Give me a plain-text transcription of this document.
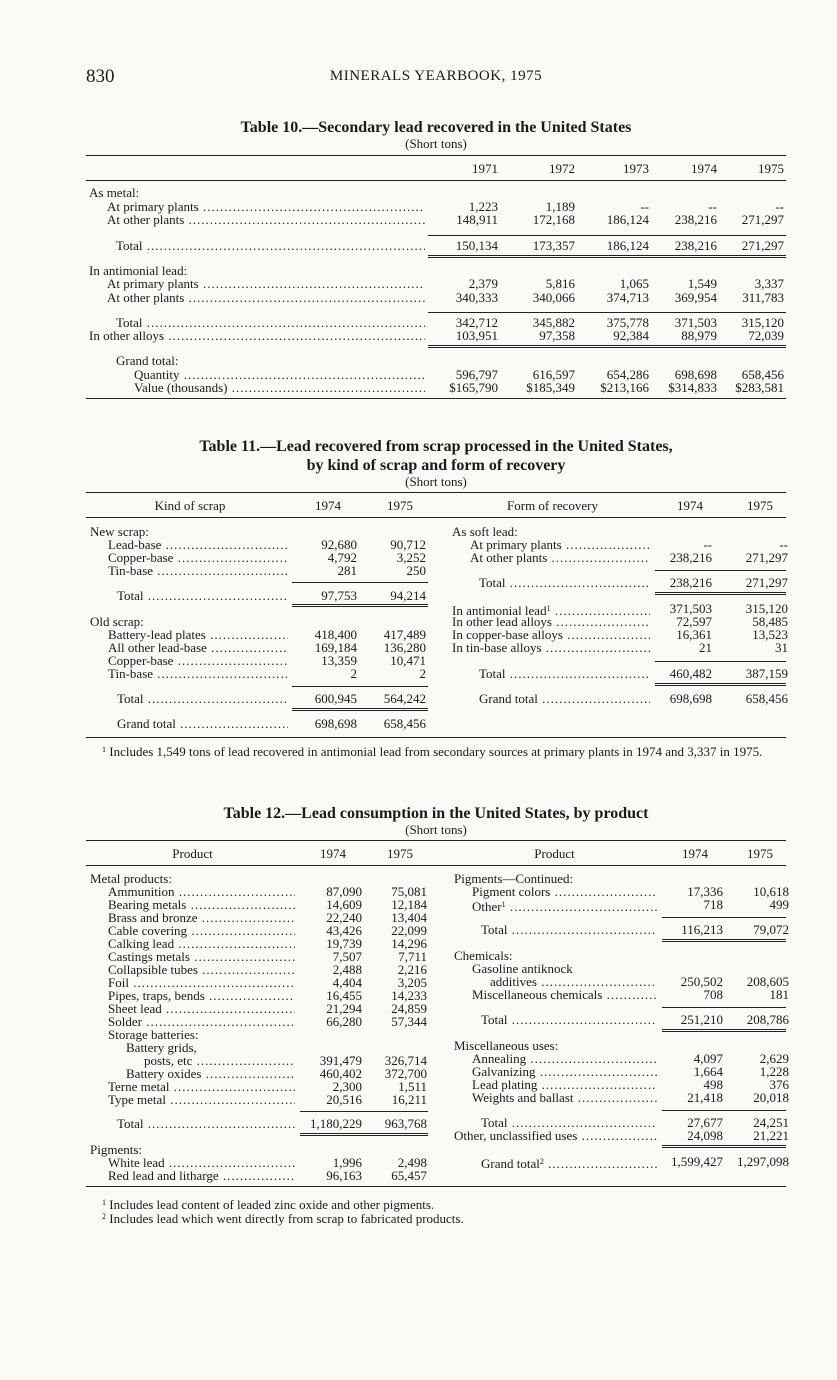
830	MINERALS YEARBOOK, 1975
Table 10.—Secondary lead recovered in the United States
(Short tons)
1971	1972	1973	1974	1975
As metal:
At primary plants .....	1,223	1,189	--	--	--
At other plants .....	148,911	172,168	186,124	238,216	271,297
Total .....	150,134	173,357	186,124	238,216	271,297
In antimonial lead:
At primary plants .....	2,379	5,816	1,065	1,549	3,337
At other plants .....	340,333	340,066	374,713	369,954	311,783
Total .....	342,712	345,882	375,778	371,503	315,120
In other alloys .....	103,951	97,358	92,384	88,979	72,039
Grand total:
Quantity .....	596,797	616,597	654,286	698,698	658,456
Value (thousands) .....	$165,790	$185,349	$213,166	$314,833	$283,581
Table 11.—Lead recovered from scrap processed in the United States,
by kind of scrap and form of recovery
(Short tons)
Kind of scrap	1974	1975	Form of recovery	1974	1975
New scrap:
Lead-base .....	92,680	90,712
Copper-base .....	4,792	3,252
Tin-base .....	281	250
Total .....	97,753	94,214
Old scrap:
Battery-lead plates .....	418,400	417,489
All other lead-base .....	169,184	136,280
Copper-base .....	13,359	10,471
Tin-base .....	2	2
Total .....	600,945	564,242
Grand total .....	698,698	658,456
As soft lead:
At primary plants .....	--	--
At other plants .....	238,216	271,297
Total .....	238,216	271,297
In antimonial lead$^1$ .....	371,503	315,120
In other lead alloys .....	72,597	58,485
In copper-base alloys .....	16,361	13,523
In tin-base alloys .....	21	31
Total .....	460,482	387,159
Grand total .....	698,698	658,456
$^1$ Includes 1,549 tons of lead recovered in antimonial lead from secondary sources at primary plants in 1974 and 3,337 in 1975.
Table 12.—Lead consumption in the United States, by product
(Short tons)
Product	1974	1975	Product	1974	1975
Metal products:
Ammunition .....	87,090	75,081
Bearing metals .....	14,609	12,184
Brass and bronze .....	22,240	13,404
Cable covering .....	43,426	22,099
Calking lead .....	19,739	14,296
Castings metals .....	7,507	7,711
Collapsible tubes .....	2,488	2,216
Foil .....	4,404	3,205
Pipes, traps, bends .....	16,455	14,233
Sheet lead .....	21,294	24,859
Solder .....	66,280	57,344
Storage batteries:
Battery grids,
posts, etc .....	391,479	326,714
Battery oxides .....	460,402	372,700
Terne metal .....	2,300	1,511
Type metal .....	20,516	16,211
Total .....	1,180,229	963,768
Pigments:
White lead .....	1,996	2,498
Red lead and litharge .....	96,163	65,457
Pigments—Continued:
Pigment colors .....	17,336	10,618
Other$^1$ .....	718	499
Total .....	116,213	79,072
Chemicals:
Gasoline antiknock
additives .....	250,502	208,605
Miscellaneous chemicals .....	708	181
Total .....	251,210	208,786
Miscellaneous uses:
Annealing .....	4,097	2,629
Galvanizing .....	1,664	1,228
Lead plating .....	498	376
Weights and ballast .....	21,418	20,018
Total .....	27,677	24,251
Other, unclassified uses .....	24,098	21,221
Grand total$^2$ .....	1,599,427	1,297,098
$^1$ Includes lead content of leaded zinc oxide and other pigments.
$^2$ Includes lead which went directly from scrap to fabricated products.
